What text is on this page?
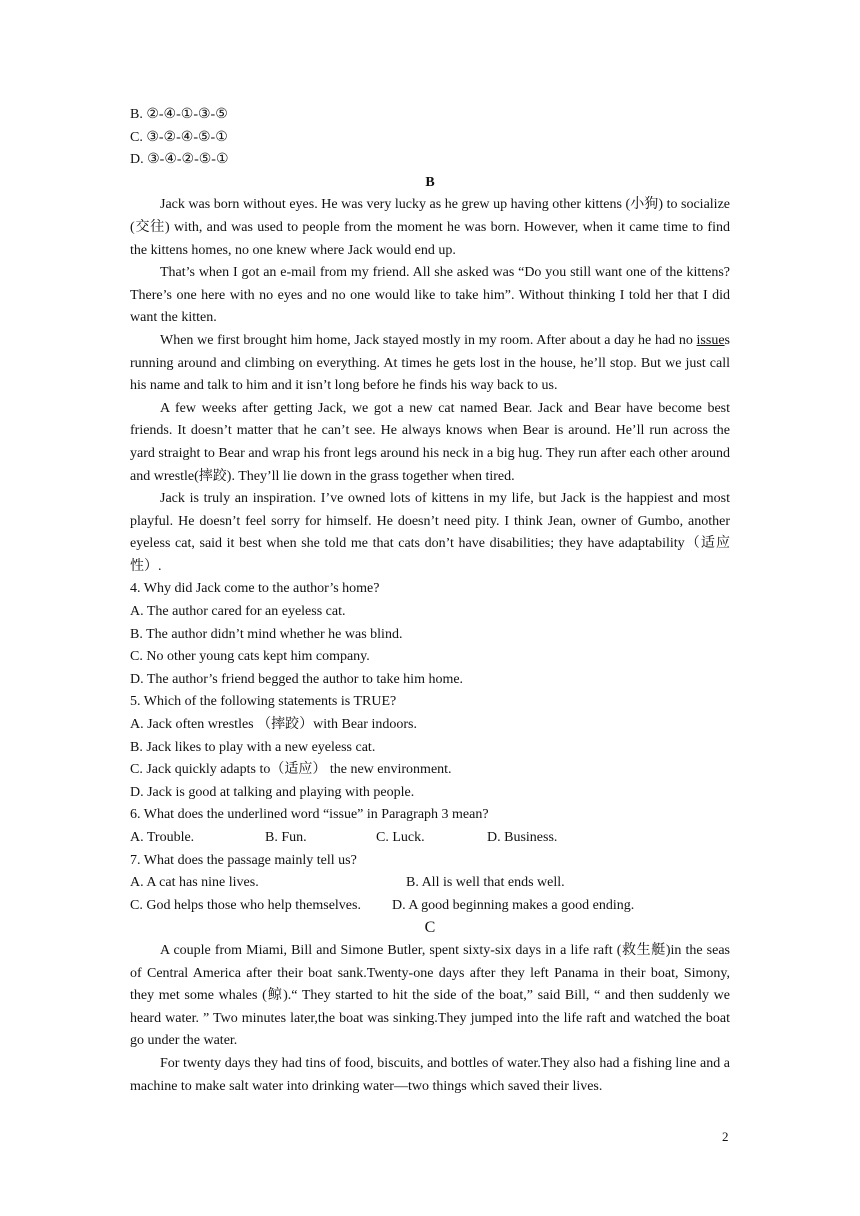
B. ②-④-①-③-⑤

C. ③-②-④-⑤-①

D. ③-④-②-⑤-①

B

Jack was born without eyes. He was very lucky as he grew up having other kittens (小狗) to socialize (交往) with, and was used to people from the moment he was born. However, when it came time to find the kittens homes, no one knew where Jack would end up.

That’s when I got an e-mail from my friend. All she asked was “Do you still want one of the kittens? There’s one here with no eyes and no one would like to take him”. Without thinking I told her that I did want the kitten.

When we first brought him home, Jack stayed mostly in my room. After about a day he had no issues running around and climbing on everything. At times he gets lost in the house, he’ll stop. But we just call his name and talk to him and it isn’t long before he finds his way back to us.

A few weeks after getting Jack, we got a new cat named Bear. Jack and Bear have become best friends. It doesn’t matter that he can’t see. He always knows when Bear is around. He’ll run across the yard straight to Bear and wrap his front legs around his neck in a big hug. They run after each other around and wrestle(摔跤). They’ll lie down in the grass together when tired.

Jack is truly an inspiration. I’ve owned lots of kittens in my life, but Jack is the happiest and most playful. He doesn’t feel sorry for himself. He doesn’t need pity. I think Jean, owner of Gumbo, another eyeless cat, said it best when she told me that cats don’t have disabilities; they have adaptability（适应性）.

4. Why did Jack come to the author’s home?

A. The author cared for an eyeless cat.

B. The author didn’t mind whether he was blind.

C. No other young cats kept him company.

D. The author’s friend begged the author to take him home.

5. Which of the following statements is TRUE?

A. Jack often wrestles （摔跤）with Bear indoors.

B. Jack likes to play with a new eyeless cat.

C. Jack quickly adapts to（适应） the new environment.

D. Jack is good at talking and playing with people.

6. What does the underlined word “issue” in Paragraph 3 mean?

A. Trouble.	B. Fun.	C. Luck.	D. Business.

7. What does the passage mainly tell us?

A. A cat has nine lives.	B. All is well that ends well.
C. God helps those who help themselves.	D. A good beginning makes a good ending.

C

A couple from Miami, Bill and Simone Butler, spent sixty-six days in a life raft (救生艇)in the seas of Central America after their boat sank.Twenty-one days after they left Panama in their boat, Simony, they met some whales (鲸).“ They started to hit the side of the boat,” said Bill, “ and then suddenly we heard water. ” Two minutes later,the boat was sinking.They jumped into the life raft and watched the boat go under the water.

For twenty days they had tins of food, biscuits, and bottles of water.They also had a fishing line and a machine to make salt water into drinking water—two things which saved their lives.

2
